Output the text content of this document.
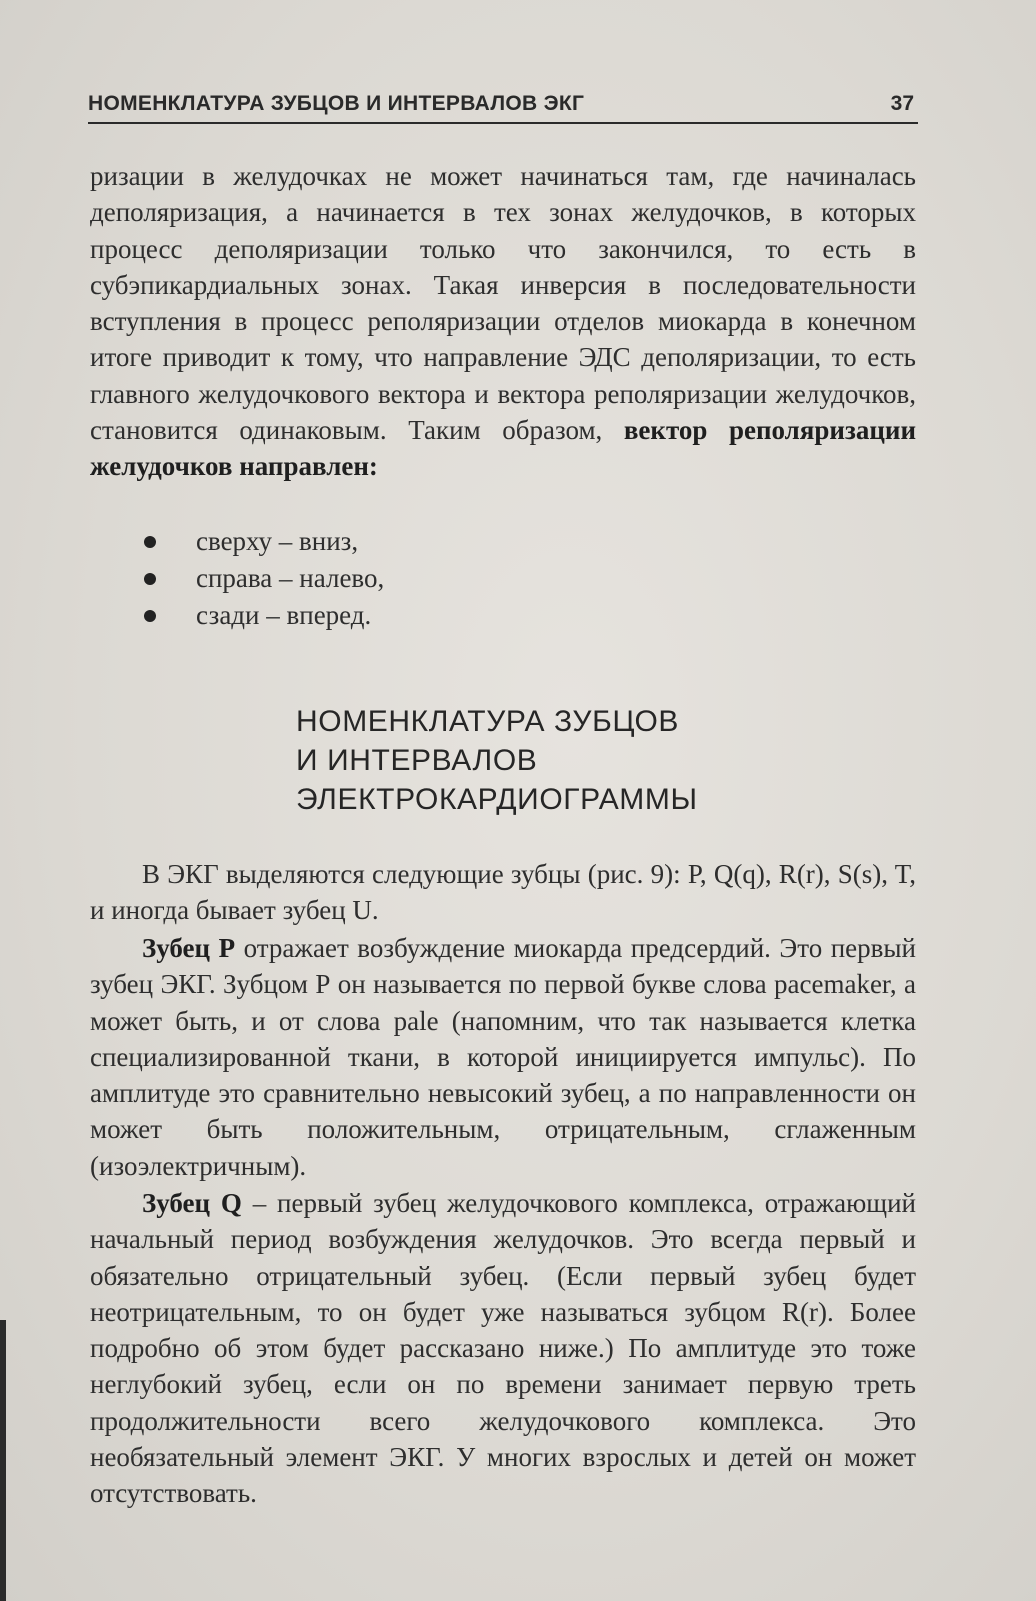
НОМЕНКЛАТУРА ЗУБЦОВ И ИНТЕРВАЛОВ ЭКГ	37

ризации в желудочках не может начинаться там, где начиналась деполяризация, а начинается в тех зонах желудочков, в которых процесс деполяризации только что закончился, то есть в субэпикардиальных зонах. Такая инверсия в последовательности вступления в процесс реполяризации отделов миокарда в конечном итоге приводит к тому, что направление ЭДС деполяризации, то есть главного желудочкового вектора и вектора реполяризации желудочков, становится одинаковым. Таким образом, вектор реполяризации желудочков направлен:

сверху – вниз,
справа – налево,
сзади – вперед.
НОМЕНКЛАТУРА ЗУБЦОВ
И ИНТЕРВАЛОВ
ЭЛЕКТРОКАРДИОГРАММЫ

В ЭКГ выделяются следующие зубцы (рис. 9): P, Q(q), R(r), S(s), T, и иногда бывает зубец U.

Зубец Р отражает возбуждение миокарда предсердий. Это первый зубец ЭКГ. Зубцом Р он называется по первой букве слова pacemaker, а может быть, и от слова pale (напомним, что так называется клетка специализированной ткани, в которой инициируется импульс). По амплитуде это сравнительно невысокий зубец, а по направленности он может быть положительным, отрицательным, сглаженным (изоэлектричным).

Зубец Q – первый зубец желудочкового комплекса, отражающий начальный период возбуждения желудочков. Это всегда первый и обязательно отрицательный зубец. (Если первый зубец будет неотрицательным, то он будет уже называться зубцом R(r). Более подробно об этом будет рассказано ниже.) По амплитуде это тоже неглубокий зубец, если он по времени занимает первую треть продолжительности всего желудочкового комплекса. Это необязательный элемент ЭКГ. У многих взрослых и детей он может отсутствовать.
